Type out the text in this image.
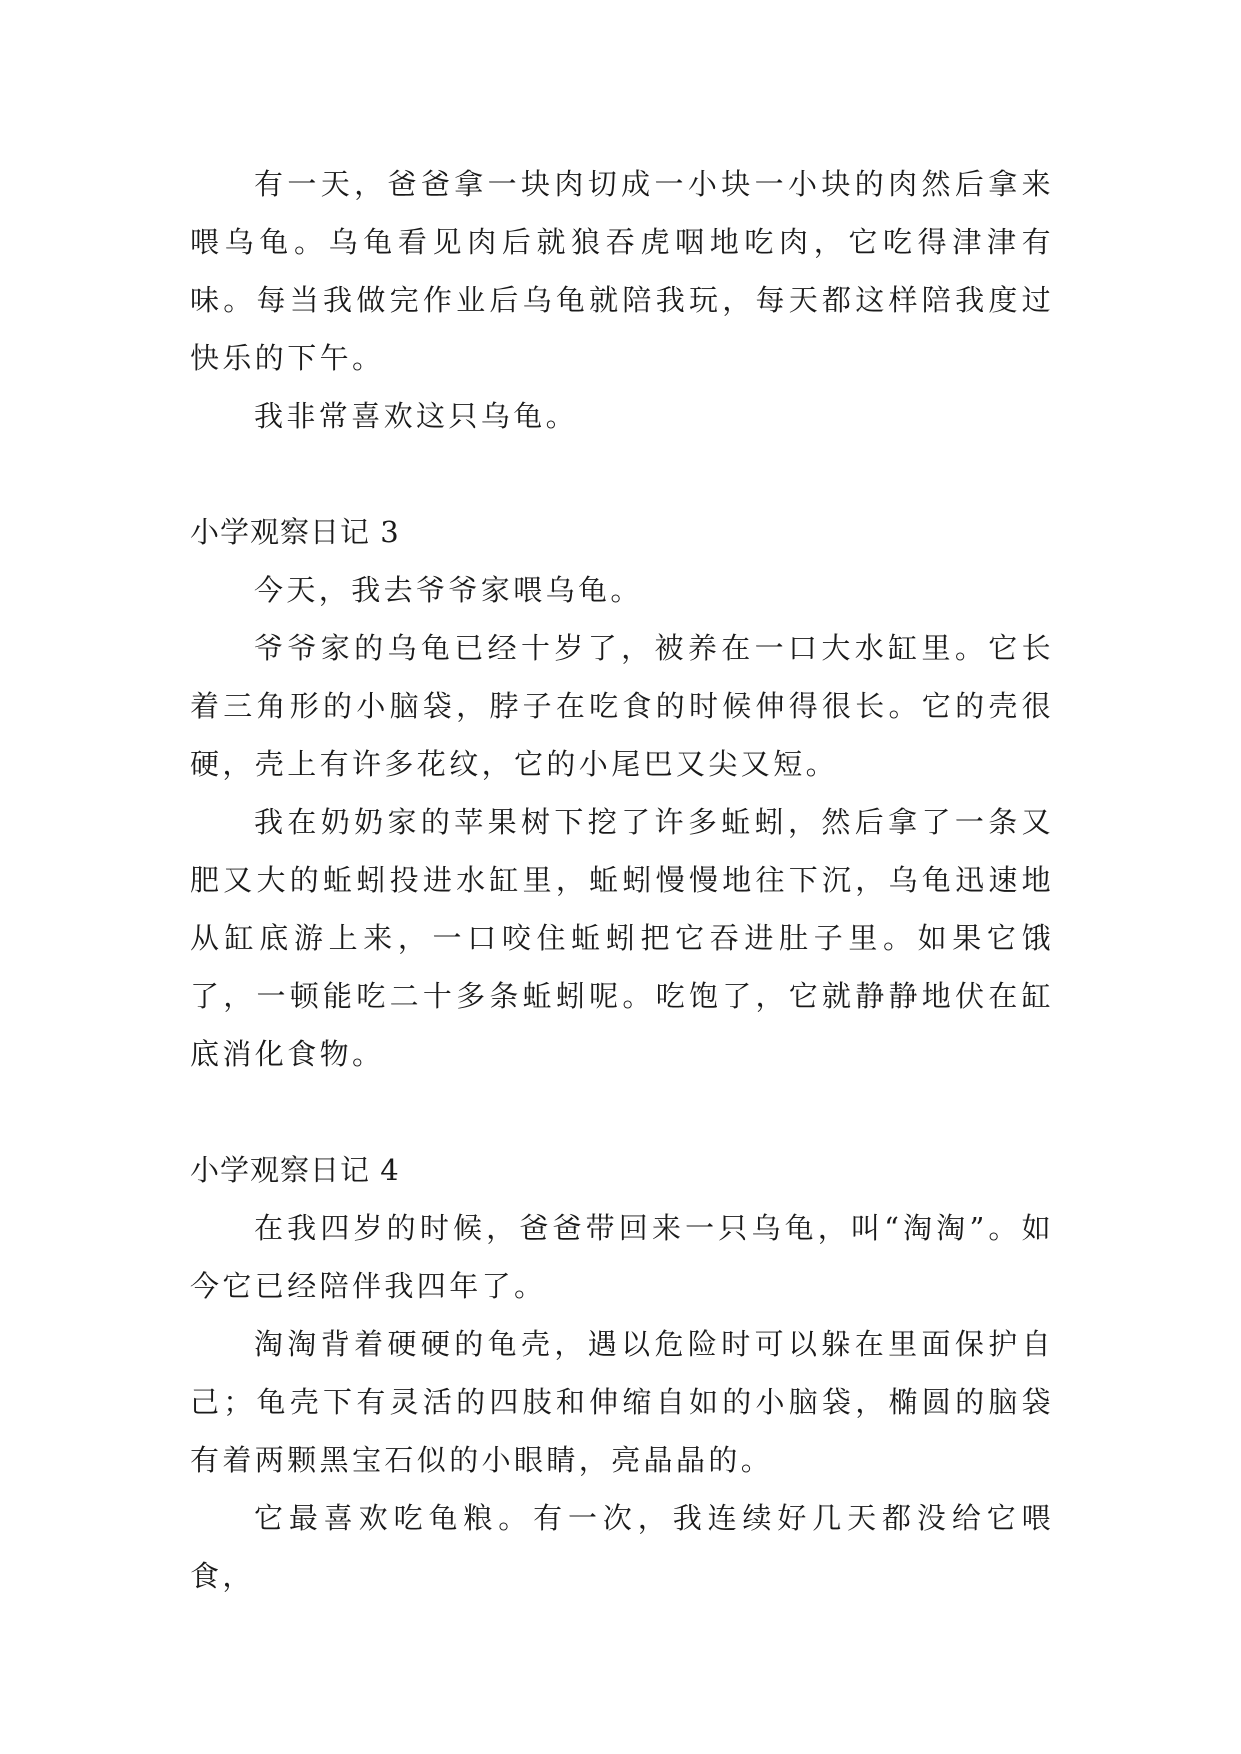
有一天，爸爸拿一块肉切成一小块一小块的肉然后拿来喂乌龟。乌龟看见肉后就狼吞虎咽地吃肉，它吃得津津有味。每当我做完作业后乌龟就陪我玩，每天都这样陪我度过快乐的下午。

我非常喜欢这只乌龟。

小学观察日记 3

今天，我去爷爷家喂乌龟。

爷爷家的乌龟已经十岁了，被养在一口大水缸里。它长着三角形的小脑袋，脖子在吃食的时候伸得很长。它的壳很硬，壳上有许多花纹，它的小尾巴又尖又短。

我在奶奶家的苹果树下挖了许多蚯蚓，然后拿了一条又肥又大的蚯蚓投进水缸里，蚯蚓慢慢地往下沉，乌龟迅速地从缸底游上来，一口咬住蚯蚓把它吞进肚子里。如果它饿了，一顿能吃二十多条蚯蚓呢。吃饱了，它就静静地伏在缸底消化食物。

小学观察日记 4

在我四岁的时候，爸爸带回来一只乌龟，叫“淘淘”。如今它已经陪伴我四年了。

淘淘背着硬硬的龟壳，遇以危险时可以躲在里面保护自己；龟壳下有灵活的四肢和伸缩自如的小脑袋，椭圆的脑袋有着两颗黑宝石似的小眼睛，亮晶晶的。

它最喜欢吃龟粮。有一次，我连续好几天都没给它喂食，
